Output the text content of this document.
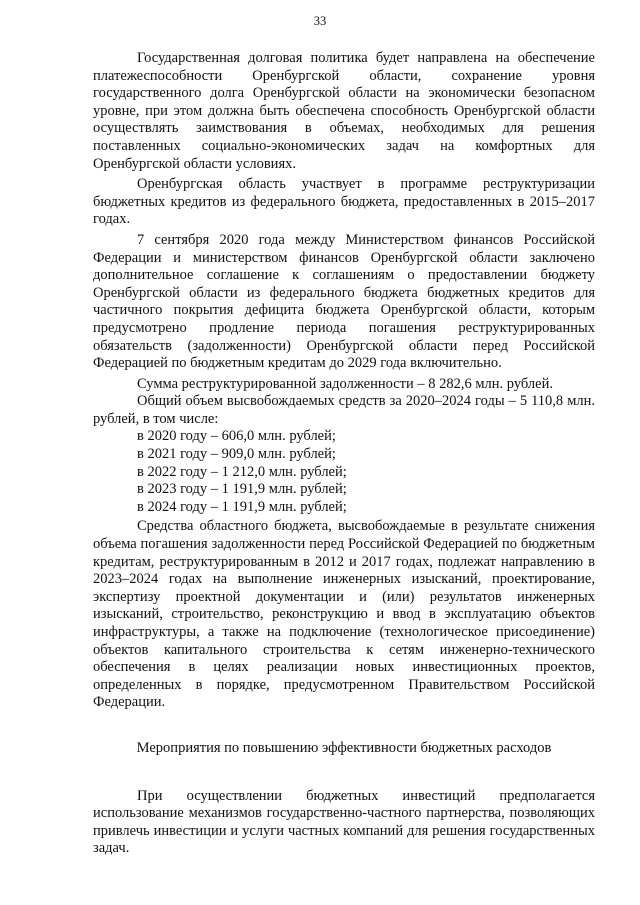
33

Государственная долговая политика будет направлена на обеспечение платежеспособности Оренбургской области, сохранение уровня государственного долга Оренбургской области на экономически безопасном уровне, при этом должна быть обеспечена способность Оренбургской области осуществлять заимствования в объемах, необходимых для решения поставленных социально-экономических задач на комфортных для Оренбургской области условиях.

Оренбургская область участвует в программе реструктуризации бюджетных кредитов из федерального бюджета, предоставленных в 2015–2017 годах.

7 сентября 2020 года между Министерством финансов Российской Федерации и министерством финансов Оренбургской области заключено дополнительное соглашение к соглашениям о предоставлении бюджету Оренбургской области из федерального бюджета бюджетных кредитов для частичного покрытия дефицита бюджета Оренбургской области, которым предусмотрено продление периода погашения реструктурированных обязательств (задолженности) Оренбургской области перед Российской Федерацией по бюджетным кредитам до 2029 года включительно.

Сумма реструктурированной задолженности – 8 282,6 млн. рублей.

Общий объем высвобождаемых средств за 2020–2024 годы – 5 110,8 млн. рублей, в том числе:

в 2020 году – 606,0 млн. рублей;
в 2021 году – 909,0 млн. рублей;
в 2022 году – 1 212,0 млн. рублей;
в 2023 году – 1 191,9 млн. рублей;
в 2024 году – 1 191,9 млн. рублей;

Средства областного бюджета, высвобождаемые в результате снижения объема погашения задолженности перед Российской Федерацией по бюджетным кредитам, реструктурированным в 2012 и 2017 годах, подлежат направлению в 2023–2024 годах на выполнение инженерных изысканий, проектирование, экспертизу проектной документации и (или) результатов инженерных изысканий, строительство, реконструкцию и ввод в эксплуатацию объектов инфраструктуры, а также на подключение (технологическое присоединение) объектов капитального строительства к сетям инженерно-технического обеспечения в целях реализации новых инвестиционных проектов, определенных в порядке, предусмотренном Правительством Российской Федерации.

Мероприятия по повышению эффективности бюджетных расходов

При осуществлении бюджетных инвестиций предполагается использование механизмов государственно-частного партнерства, позволяющих привлечь инвестиции и услуги частных компаний для решения государственных задач.
